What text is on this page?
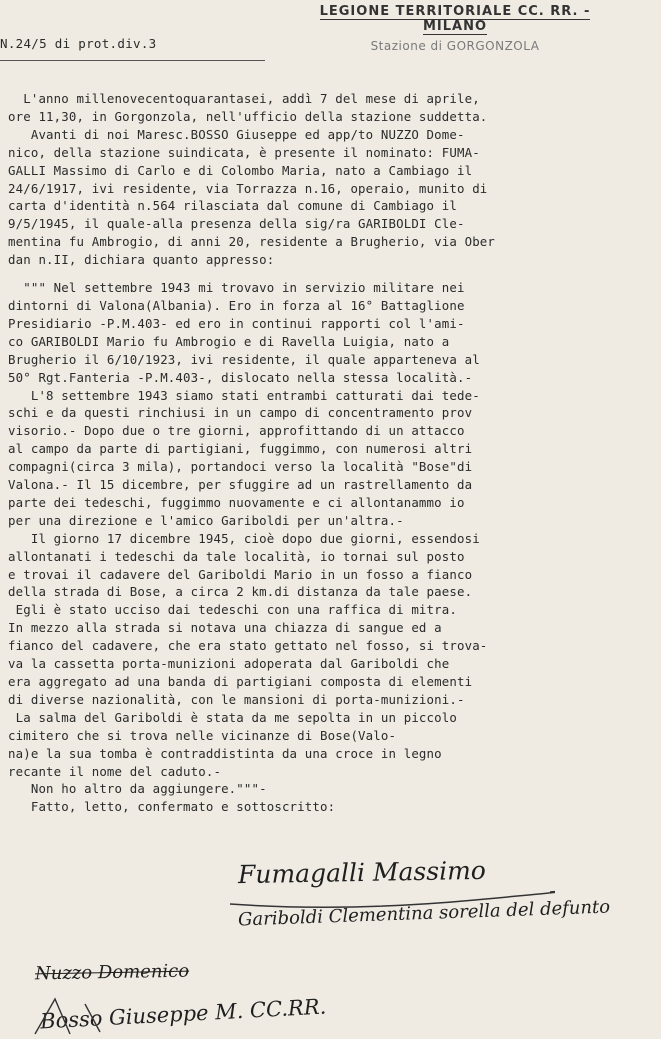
N.24/5 di prot.div.3
LEGIONE TERRITORIALE CC. RR. - MILANO
Stazione di GORGONZOLA
L'anno millenovecentoquarantasei, addì 7 del mese di aprile,
ore 11,30, in Gorgonzola, nell'ufficio della stazione suddetta.
Avanti di noi Maresc.BOSSO Giuseppe ed app/to NUZZO Dome-
nico, della stazione suindicata, è presente il nominato: FUMA-
GALLI Massimo di Carlo e di Colombo Maria, nato a Cambiago il
24/6/1917, ivi residente, via Torrazza n.16, operaio, munito di
carta d'identità n.564 rilasciata dal comune di Cambiago il
9/5/1945, il quale-alla presenza della sig/ra GARIBOLDI Cle-
mentina fu Ambrogio, di anni 20, residente a Brugherio, via Ober
dan n.II, dichiara quanto appresso:
""" Nel settembre 1943 mi trovavo in servizio militare nei
dintorni di Valona(Albania). Ero in forza al 16° Battaglione
Presidiario -P.M.403- ed ero in continui rapporti col l'ami-
co GARIBOLDI Mario fu Ambrogio e di Ravella Luigia, nato a
Brugherio il 6/10/1923, ivi residente, il quale apparteneva al
50° Rgt.Fanteria -P.M.403-, dislocato nella stessa località.-
L'8 settembre 1943 siamo stati entrambi catturati dai tede-
schi e da questi rinchiusi in un campo di concentramento prov
visorio.- Dopo due o tre giorni, approfittando di un attacco
al campo da parte di partigiani, fuggimmo, con numerosi altri
compagni(circa 3 mila), portandoci verso la località "Bose"di
Valona.- Il 15 dicembre, per sfuggire ad un rastrellamento da
parte dei tedeschi, fuggimmo nuovamente e ci allontanammo io
per una direzione e l'amico Gariboldi per un'altra.-
Il giorno 17 dicembre 1945, cioè dopo due giorni, essendosi
allontanati i tedeschi da tale località, io tornai sul posto
e trovai il cadavere del Gariboldi Mario in un fosso a fianco
della strada di Bose, a circa 2 km.di distanza da tale paese.
Egli è stato ucciso dai tedeschi con una raffica di mitra.
In mezzo alla strada si notava una chiazza di sangue ed a
fianco del cadavere, che era stato gettato nel fosso, si trova-
va la cassetta porta-munizioni adoperata dal Gariboldi che
era aggregato ad una banda di partigiani composta di elementi
di diverse nazionalità, con le mansioni di porta-munizioni.-
La salma del Gariboldi è stata da me sepolta in un piccolo
cimitero che si trova nelle vicinanze di Bose(Valo-
na)e la sua tomba è contraddistinta da una croce in legno
recante il nome del caduto.-
Non ho altro da aggiungere."""-
Fatto, letto, confermato e sottoscritto:
Fumagalli Massimo
Gariboldi Clementina sorella del defunto
Nuzzo Domenico
Bosso Giuseppe M. CC.RR.
